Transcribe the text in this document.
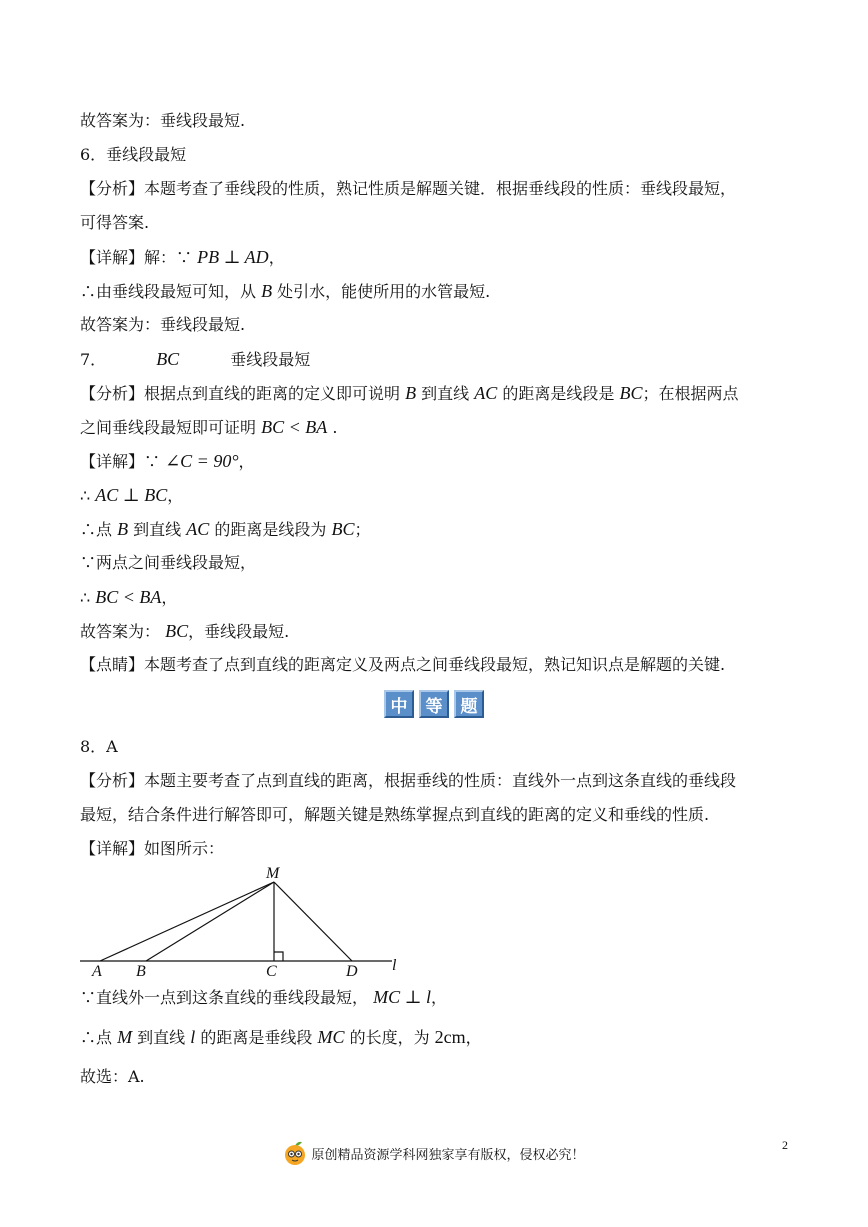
故答案为：垂线段最短.
6．垂线段最短
【分析】本题考查了垂线段的性质，熟记性质是解题关键．根据垂线段的性质：垂线段最短，
可得答案.
【详解】解：∵ PB ⊥ AD，
∴由垂线段最短可知，从 B 处引水，能使所用的水管最短.
故答案为：垂线段最短.
7．	BC	垂线段最短
【分析】根据点到直线的距离的定义即可说明 B 到直线 AC 的距离是线段是 BC；在根据两点
之间垂线段最短即可证明 BC < BA .
【详解】∵ ∠C = 90°，
∴ AC ⊥ BC，
∴点 B 到直线 AC 的距离是线段为 BC；
∵两点之间垂线段最短，
∴ BC < BA，
故答案为： BC，垂线段最短.
【点睛】本题考查了点到直线的距离定义及两点之间垂线段最短，熟记知识点是解题的关键.
中	等	题
8．A
【分析】本题主要考查了点到直线的距离，根据垂线的性质：直线外一点到这条直线的垂线段
最短，结合条件进行解答即可，解题关键是熟练掌握点到直线的距离的定义和垂线的性质.
【详解】如图所示：
M
A B	C	D l
∵直线外一点到这条直线的垂线段最短， MC ⊥ l，
∴点 M 到直线 l 的距离是垂线段 MC 的长度，为 2cm，
故选：A.
原创精品资源学科网独家享有版权，侵权必究！
2
